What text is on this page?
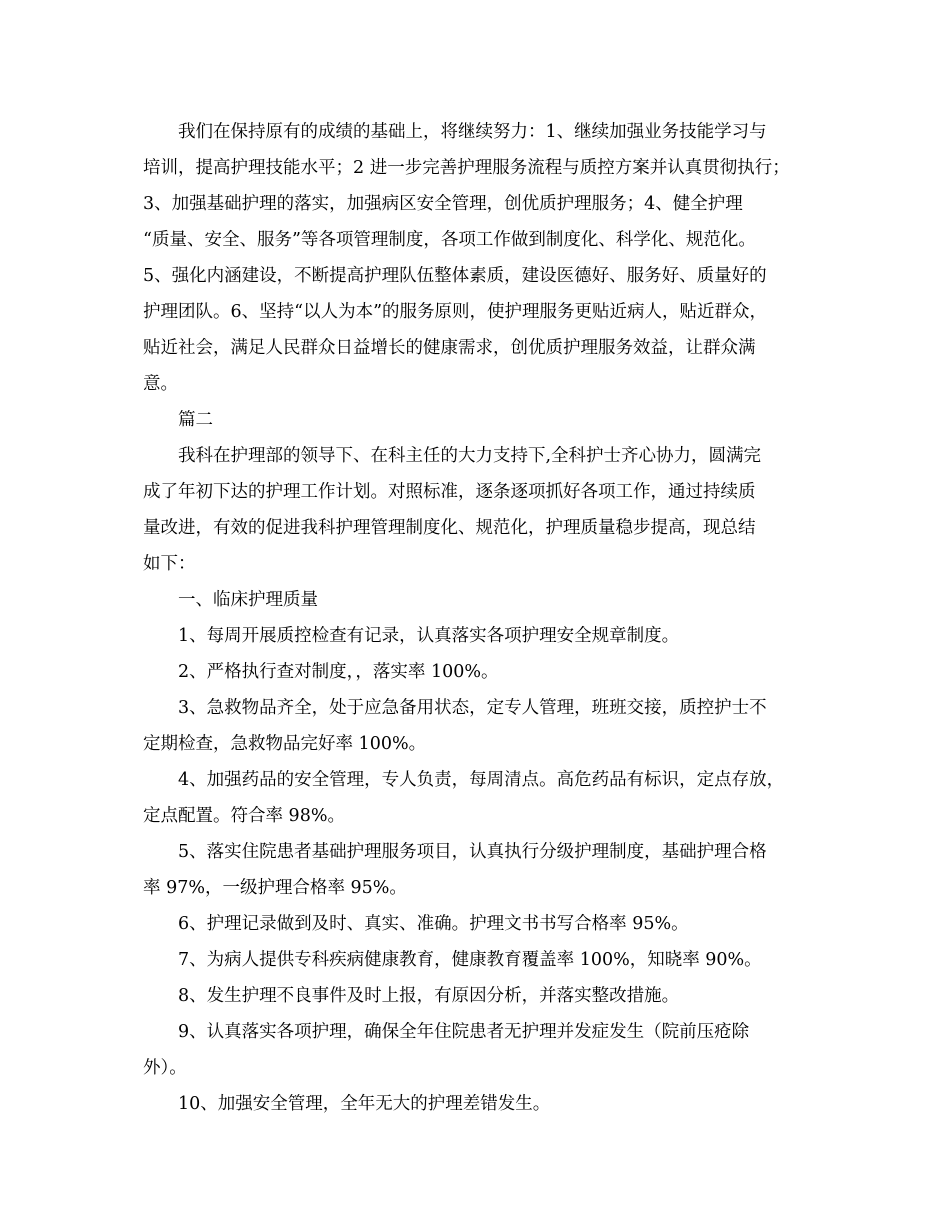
我们在保持原有的成绩的基础上，将继续努力：1、继续加强业务技能学习与
培训，提高护理技能水平；2 进一步完善护理服务流程与质控方案并认真贯彻执行；
3、加强基础护理的落实，加强病区安全管理，创优质护理服务；4、健全护理
“质量、安全、服务”等各项管理制度，各项工作做到制度化、科学化、规范化。
5、强化内涵建设，不断提高护理队伍整体素质，建设医德好、服务好、质量好的
护理团队。6、坚持“以人为本”的服务原则，使护理服务更贴近病人，贴近群众，
贴近社会，满足人民群众日益增长的健康需求，创优质护理服务效益，让群众满
意。
篇二
我科在护理部的领导下、在科主任的大力支持下,全科护士齐心协力，圆满完
成了年初下达的护理工作计划。对照标准，逐条逐项抓好各项工作，通过持续质
量改进，有效的促进我科护理管理制度化、规范化，护理质量稳步提高，现总结
如下：
一、临床护理质量
1、每周开展质控检查有记录，认真落实各项护理安全规章制度。
2、严格执行查对制度，，落实率 100%。
3、急救物品齐全，处于应急备用状态，定专人管理，班班交接，质控护士不
定期检查，急救物品完好率 100%。
4、加强药品的安全管理，专人负责，每周清点。高危药品有标识，定点存放，
定点配置。符合率 98%。
5、落实住院患者基础护理服务项目，认真执行分级护理制度，基础护理合格
率 97%，一级护理合格率 95%。
6、护理记录做到及时、真实、准确。护理文书书写合格率 95%。
7、为病人提供专科疾病健康教育，健康教育覆盖率 100%，知晓率 90%。
8、发生护理不良事件及时上报，有原因分析，并落实整改措施。
9、认真落实各项护理，确保全年住院患者无护理并发症发生（院前压疮除
外）。
10、加强安全管理，全年无大的护理差错发生。
